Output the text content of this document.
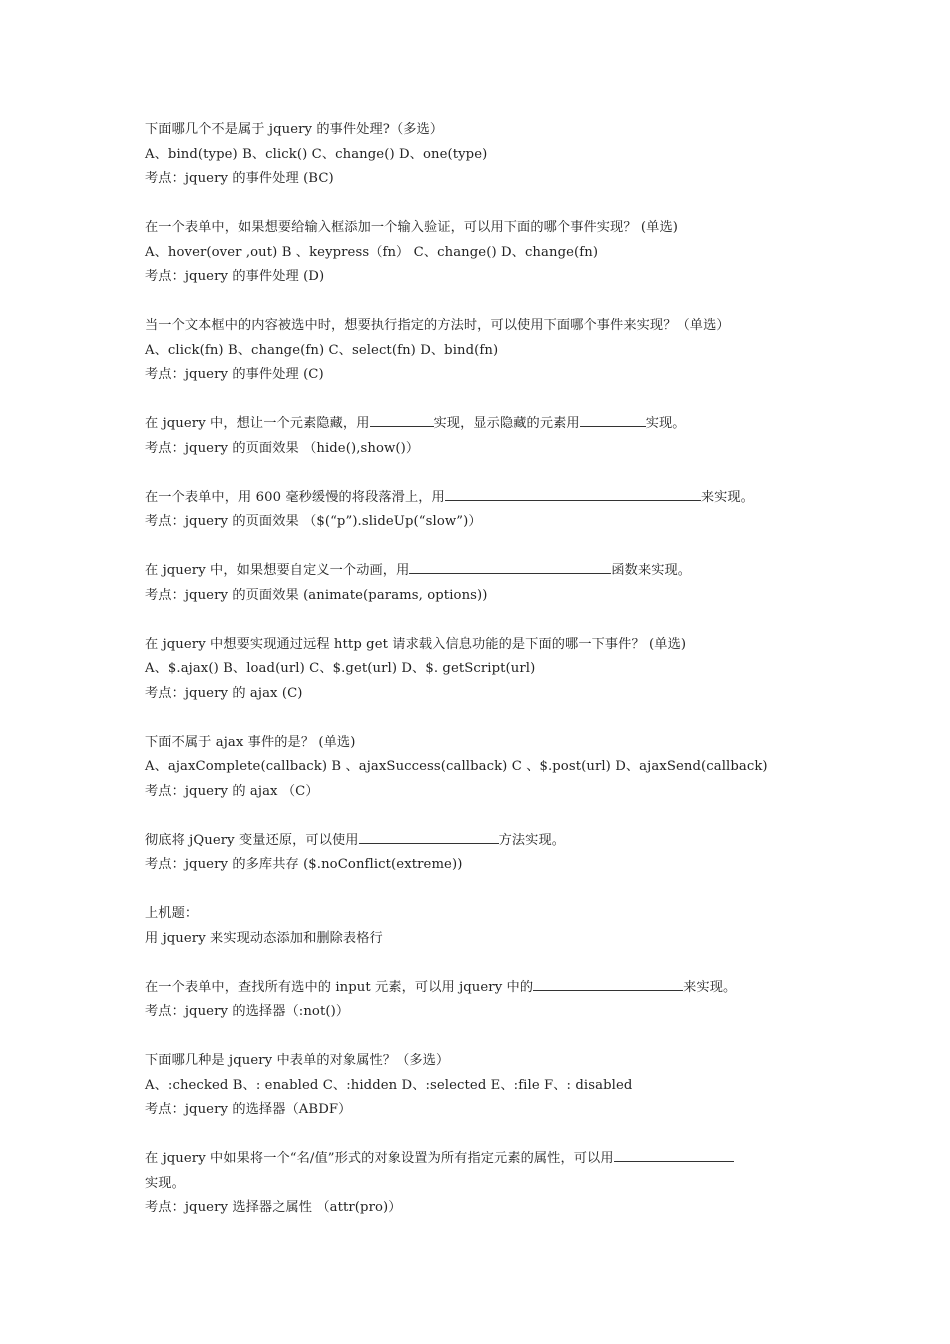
下面哪几个不是属于 jquery 的事件处理?（多选）
A、bind(type) B、click() C、change() D、one(type)
考点：jquery 的事件处理 (BC)
在一个表单中，如果想要给输入框添加一个输入验证，可以用下面的哪个事件实现？ (单选)
A、hover(over ,out) B 、keypress（fn） C、change() D、change(fn)
考点：jquery 的事件处理 (D)
当一个文本框中的内容被选中时，想要执行指定的方法时，可以使用下面哪个事件来实现？（单选）
A、click(fn) B、change(fn) C、select(fn) D、bind(fn)
考点：jquery 的事件处理 (C)
在 jquery 中，想让一个元素隐藏，用	实现，显示隐藏的元素用	实现。
考点：jquery 的页面效果 （hide(),show()）
在一个表单中，用 600 毫秒缓慢的将段落滑上，用	来实现。
考点：jquery 的页面效果 （$(“p”).slideUp(“slow”)）
在 jquery 中，如果想要自定义一个动画，用	函数来实现。
考点：jquery 的页面效果 (animate(params, options))
在 jquery 中想要实现通过远程 http get 请求载入信息功能的是下面的哪一下事件？ (单选)
A、$.ajax() B、load(url) C、$.get(url) D、$. getScript(url)
考点：jquery 的 ajax (C)
下面不属于 ajax 事件的是？ (单选)
A、ajaxComplete(callback) B 、ajaxSuccess(callback) C 、$.post(url) D、ajaxSend(callback)
考点：jquery 的 ajax （C）
彻底将 jQuery 变量还原，可以使用	方法实现。
考点：jquery 的多库共存 ($.noConflict(extreme))
上机题：
用 jquery 来实现动态添加和删除表格行
在一个表单中，查找所有选中的 input 元素，可以用 jquery 中的	来实现。
考点：jquery 的选择器（:not()）
下面哪几种是 jquery 中表单的对象属性？（多选）
A、:checked B、: enabled C、:hidden D、:selected E、:file F、: disabled
考点：jquery 的选择器（ABDF）
在 jquery 中如果将一个“名/值”形式的对象设置为所有指定元素的属性，可以用
实现。
考点：jquery 选择器之属性 （attr(pro)）
